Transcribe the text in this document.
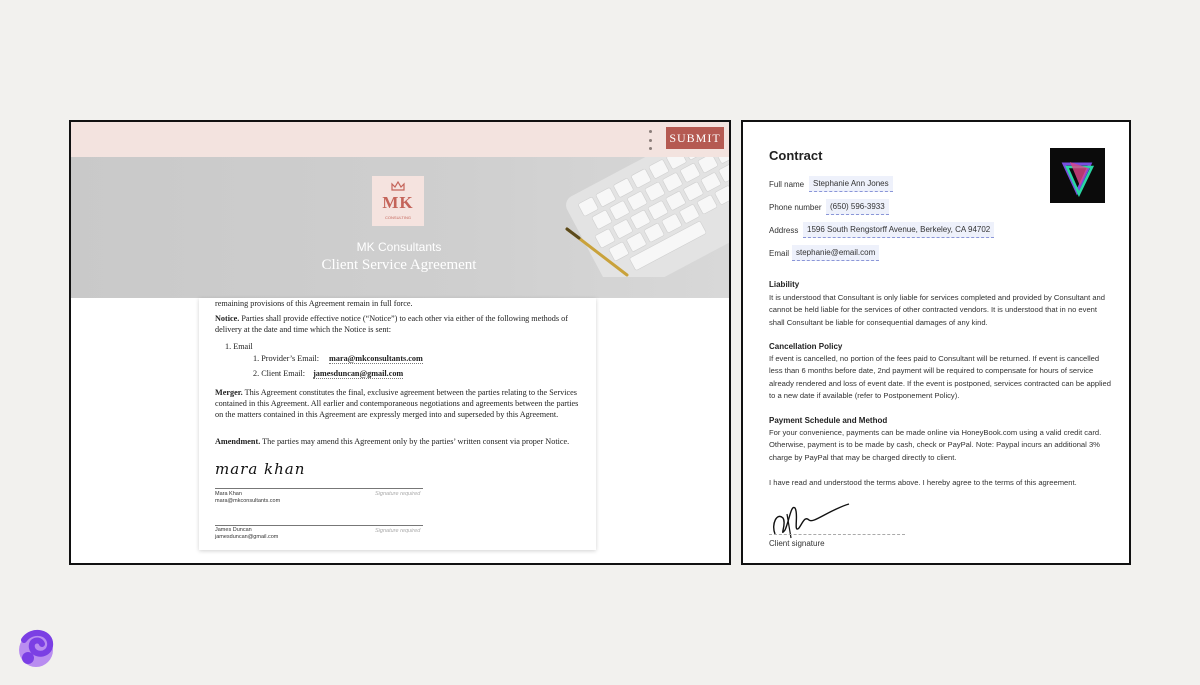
SUBMIT
MK
CONSULTING
MK Consultants
Client Service Agreement

remaining provisions of this Agreement remain in full force.

Notice. Parties shall provide effective notice (“Notice”) to each other via either of the following methods of delivery at the date and time which the Notice is sent:

1. Email

1. Provider’s Email: mara@mkconsultants.com

2. Client Email: jamesduncan@gmail.com

Merger. This Agreement constitutes the final, exclusive agreement between the parties relating to the Services contained in this Agreement. All earlier and contemporaneous negotiations and agreements between the parties on the matters contained in this Agreement are expressly merged into and superseded by this Agreement.

Amendment. The parties may amend this Agreement only by the parties’ written consent via proper Notice.

mara khan
Signature required
Mara Khan
mara@mkconsultants.com
Signature required
James Duncan
jamesduncan@gmail.com
Contract
Full name	Stephanie Ann Jones
Phone number	(650) 596-3933
Address	1596 South Rengstorff Avenue, Berkeley, CA 94702
Email stephanie@email.com
Liability
It is understood that Consultant is only liable for services completed and provided by Consultant and cannot be held liable for the services of other contracted vendors. It is understood that in no event shall Consultant be liable for consequential damages of any kind.
Cancellation Policy
If event is cancelled, no portion of the fees paid to Consultant will be returned. If event is cancelled less than 6 months before date, 2nd payment will be required to compensate for hours of service already rendered and loss of event date. If the event is postponed, services contracted can be applied to a new date if available (refer to Postponement Policy).
Payment Schedule and Method
For your convenience, payments can be made online via HoneyBook.com using a valid credit card. Otherwise, payment is to be made by cash, check or PayPal. Note: Paypal incurs an additional 3% charge by PayPal that may be charged directly to client.
I have read and understood the terms above. I hereby agree to the terms of this agreement.
Client signature
